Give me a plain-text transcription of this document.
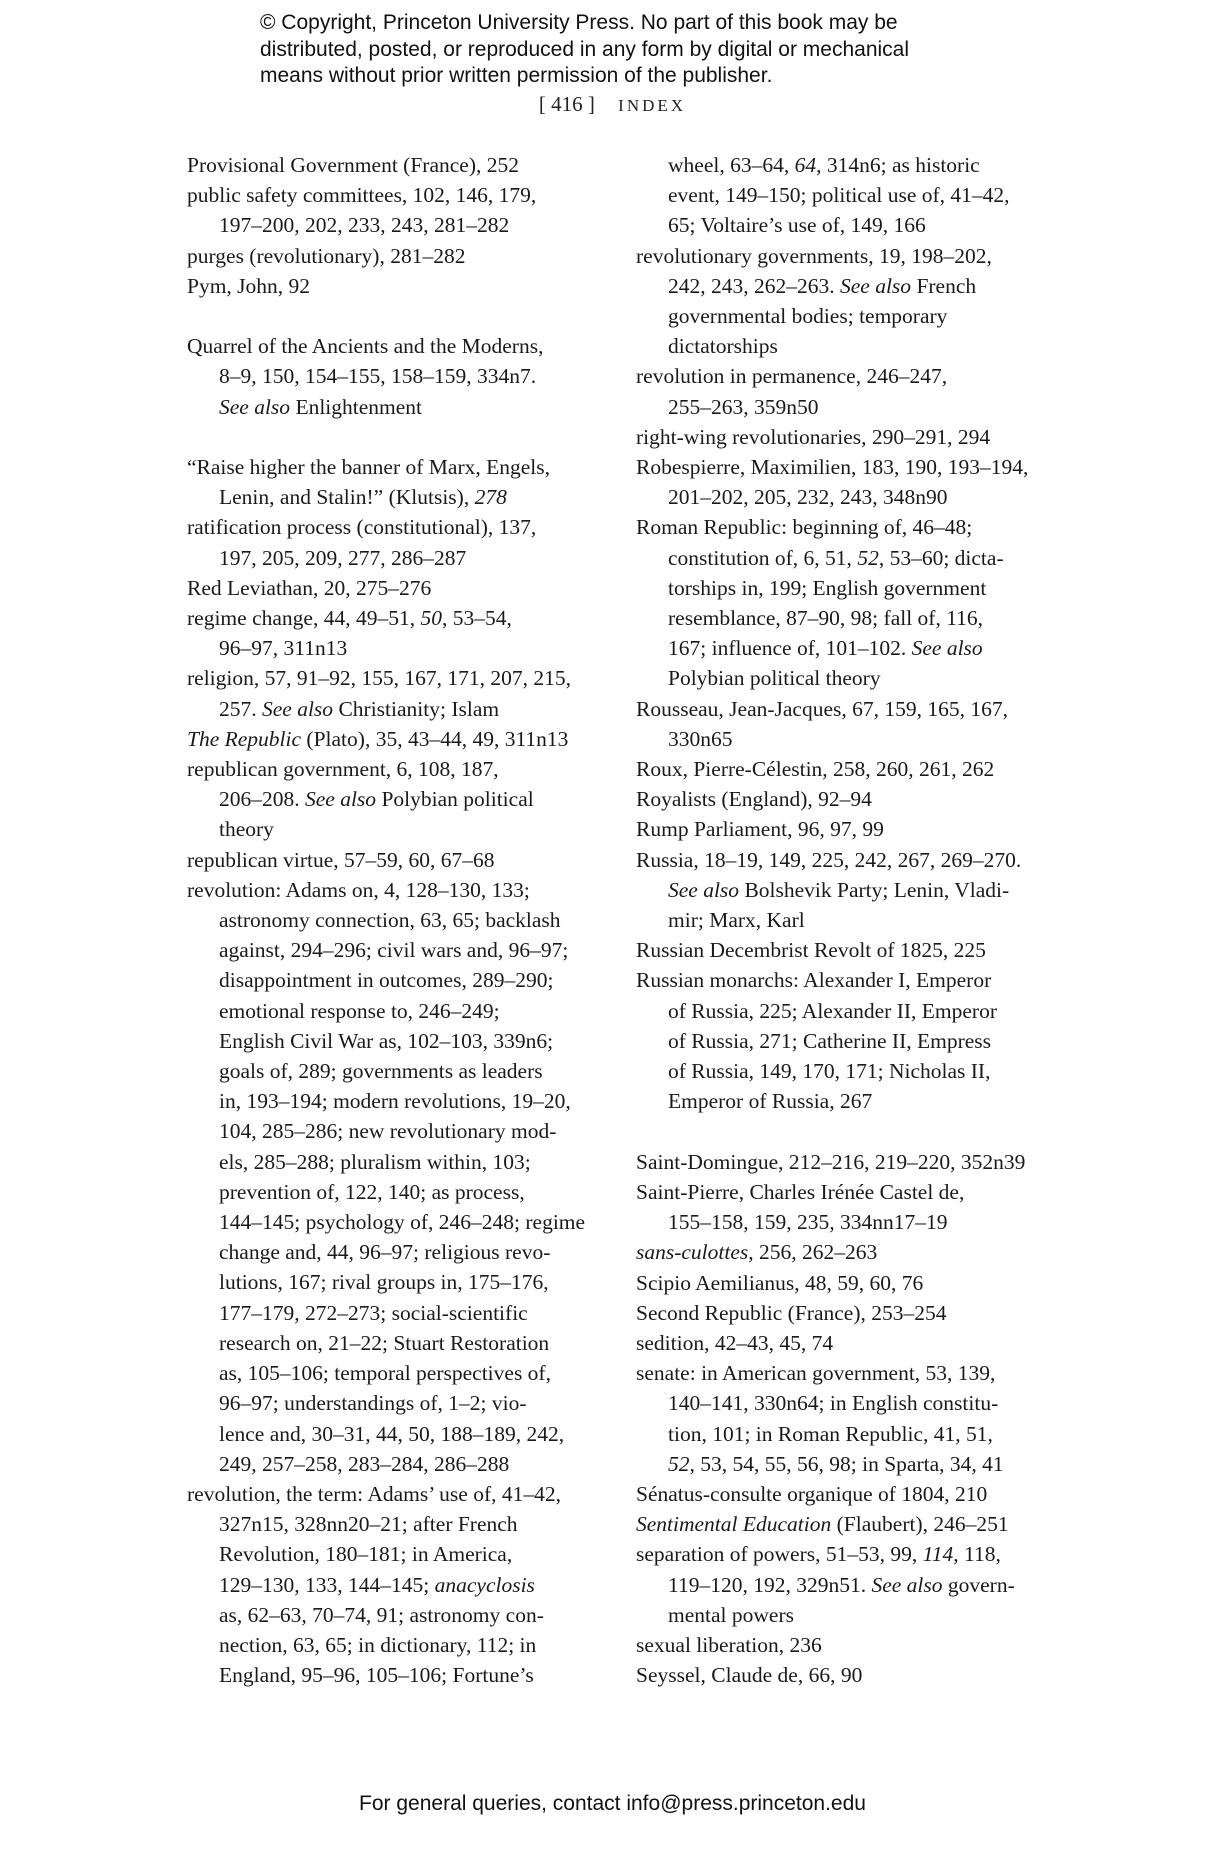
© Copyright, Princeton University Press. No part of this book may be
distributed, posted, or reproduced in any form by digital or mechanical
means without prior written permission of the publisher.
[ 416 ] INDEX
Provisional Government (France), 252
public safety committees, 102, 146, 179,
197–200, 202, 233, 243, 281–282
purges (revolutionary), 281–282
Pym, John, 92
Quarrel of the Ancients and the Moderns,
8–9, 150, 154–155, 158–159, 334n7.
See also Enlightenment
“Raise higher the banner of Marx, Engels,
Lenin, and Stalin!” (Klutsis), 278
ratification process (constitutional), 137,
197, 205, 209, 277, 286–287
Red Leviathan, 20, 275–276
regime change, 44, 49–51, 50, 53–54,
96–97, 311n13
religion, 57, 91–92, 155, 167, 171, 207, 215,
257. See also Christianity; Islam
The Republic (Plato), 35, 43–44, 49, 311n13
republican government, 6, 108, 187,
206–208. See also Polybian political
theory
republican virtue, 57–59, 60, 67–68
revolution: Adams on, 4, 128–130, 133;
astronomy connection, 63, 65; backlash
against, 294–296; civil wars and, 96–97;
disappointment in outcomes, 289–290;
emotional response to, 246–249;
English Civil War as, 102–103, 339n6;
goals of, 289; governments as leaders
in, 193–194; modern revolutions, 19–20,
104, 285–286; new revolutionary mod-
els, 285–288; pluralism within, 103;
prevention of, 122, 140; as process,
144–145; psychology of, 246–248; regime
change and, 44, 96–97; religious revo-
lutions, 167; rival groups in, 175–176,
177–179, 272–273; social-scientific
research on, 21–22; Stuart Restoration
as, 105–106; temporal perspectives of,
96–97; understandings of, 1–2; vio-
lence and, 30–31, 44, 50, 188–189, 242,
249, 257–258, 283–284, 286–288
revolution, the term: Adams’ use of, 41–42,
327n15, 328nn20–21; after French
Revolution, 180–181; in America,
129–130, 133, 144–145; anacyclosis
as, 62–63, 70–74, 91; astronomy con-
nection, 63, 65; in dictionary, 112; in
England, 95–96, 105–106; Fortune’s
wheel, 63–64, 64, 314n6; as historic
event, 149–150; political use of, 41–42,
65; Voltaire’s use of, 149, 166
revolutionary governments, 19, 198–202,
242, 243, 262–263. See also French
governmental bodies; temporary
dictatorships
revolution in permanence, 246–247,
255–263, 359n50
right-wing revolutionaries, 290–291, 294
Robespierre, Maximilien, 183, 190, 193–194,
201–202, 205, 232, 243, 348n90
Roman Republic: beginning of, 46–48;
constitution of, 6, 51, 52, 53–60; dicta-
torships in, 199; English government
resemblance, 87–90, 98; fall of, 116,
167; influence of, 101–102. See also
Polybian political theory
Rousseau, Jean-Jacques, 67, 159, 165, 167,
330n65
Roux, Pierre-Célestin, 258, 260, 261, 262
Royalists (England), 92–94
Rump Parliament, 96, 97, 99
Russia, 18–19, 149, 225, 242, 267, 269–270.
See also Bolshevik Party; Lenin, Vladi-
mir; Marx, Karl
Russian Decembrist Revolt of 1825, 225
Russian monarchs: Alexander I, Emperor
of Russia, 225; Alexander II, Emperor
of Russia, 271; Catherine II, Empress
of Russia, 149, 170, 171; Nicholas II,
Emperor of Russia, 267
Saint-Domingue, 212–216, 219–220, 352n39
Saint-Pierre, Charles Irénée Castel de,
155–158, 159, 235, 334nn17–19
sans-culottes, 256, 262–263
Scipio Aemilianus, 48, 59, 60, 76
Second Republic (France), 253–254
sedition, 42–43, 45, 74
senate: in American government, 53, 139,
140–141, 330n64; in English constitu-
tion, 101; in Roman Republic, 41, 51,
52, 53, 54, 55, 56, 98; in Sparta, 34, 41
Sénatus-consulte organique of 1804, 210
Sentimental Education (Flaubert), 246–251
separation of powers, 51–53, 99, 114, 118,
119–120, 192, 329n51. See also govern-
mental powers
sexual liberation, 236
Seyssel, Claude de, 66, 90
For general queries, contact info@press.princeton.edu
